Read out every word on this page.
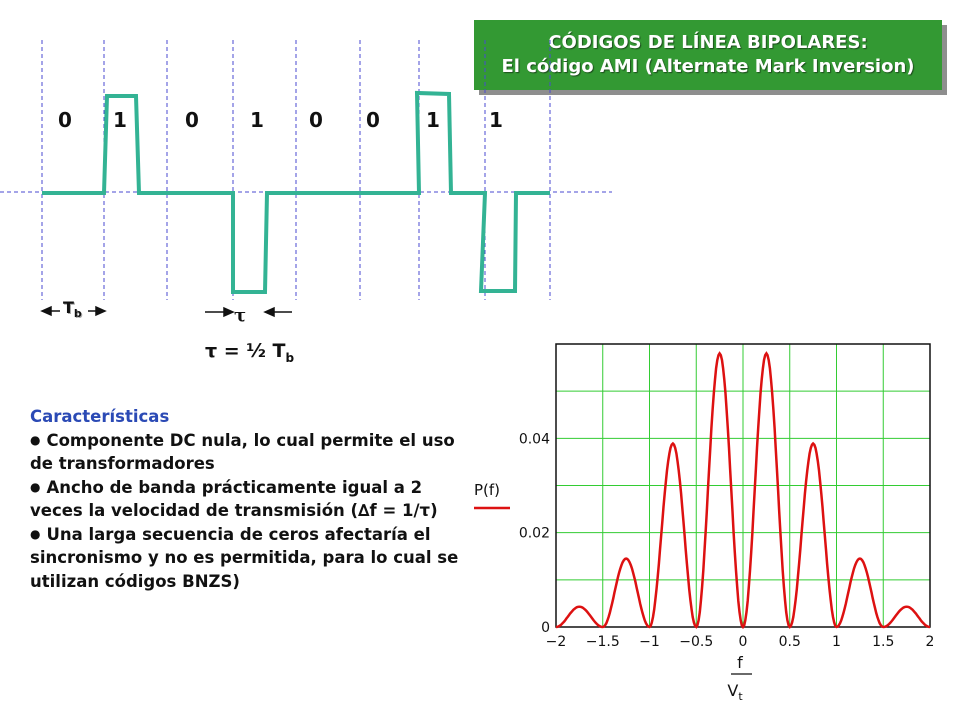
CÓDIGOS DE LÍNEA BIPOLARES:
El código AMI (Alternate Mark Inversion)
0 1	0	1 0 0 1 1
$T_b$	τ
τ = ½ $T_b$
Características
● Componente DC nula, lo cual permite el uso de transformadores
● Ancho de banda prácticamente igual a 2 veces la velocidad de transmisión (∆f = 1/τ)
● Una larga secuencia de ceros afectaría el sincronismo y no es permitida, para lo cual se utilizan códigos BNZS)
0
0.02
0.04
−2 −1.5 −1 −0.5 0 0.5 1 1.5 2
P(f)
f
$V_t$
